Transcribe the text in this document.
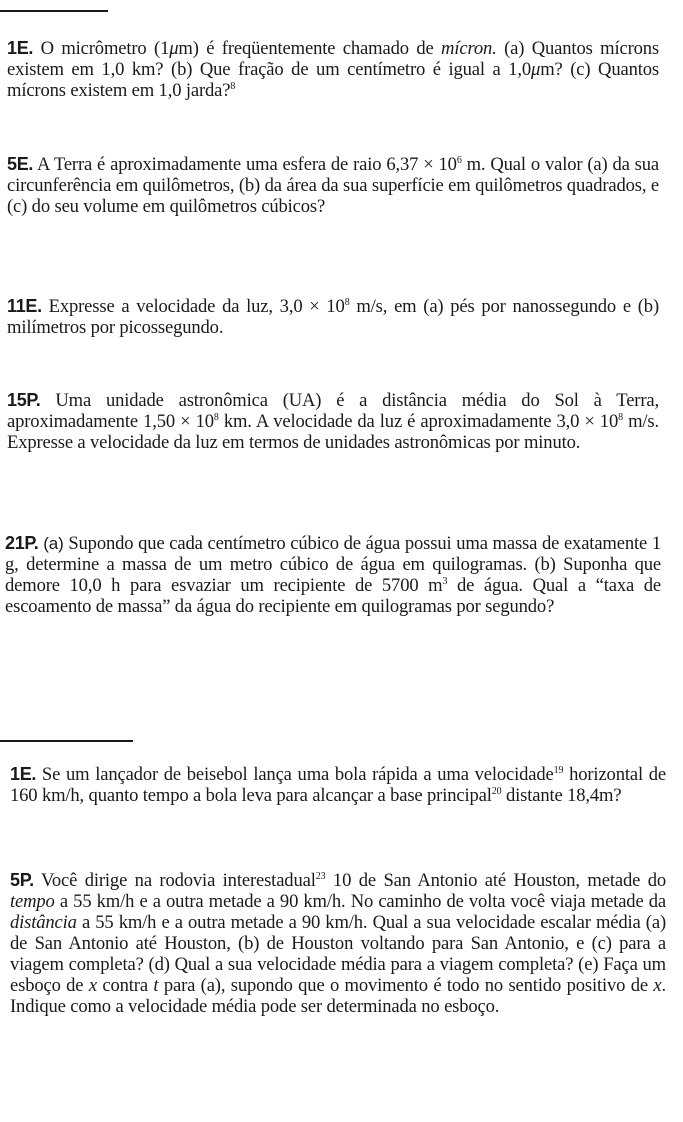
1E. O micrômetro (1μm) é freqüentemente chamado de mícron. (a) Quantos mícrons existem em 1,0 km? (b) Que fração de um centímetro é igual a 1,0μm? (c) Quantos mícrons existem em 1,0 jarda?$^8$

5E. A Terra é aproximadamente uma esfera de raio $6,37 \times 10^6$ m. Qual o valor (a) da sua circunferência em quilômetros, (b) da área da sua superfície em quilômetros quadrados, e (c) do seu volume em quilômetros cúbicos?

11E. Expresse a velocidade da luz, $3,0 \times 10^8$ m/s, em (a) pés por nanossegundo e (b) milímetros por picossegundo.

15P. Uma unidade astronômica (UA) é a distância média do Sol à Terra, aproximadamente $1,50 \times 10^8$ km. A velocidade da luz é aproximadamente $3,0 \times 10^8$ m/s. Expresse a velocidade da luz em termos de unidades astronômicas por minuto.

21P. (a) Supondo que cada centímetro cúbico de água possui uma massa de exatamente 1 g, determine a massa de um metro cúbico de água em quilogramas. (b) Suponha que demore 10,0 h para esvaziar um recipiente de 5700 $m^3$ de água. Qual a “taxa de escoamento de massa” da água do recipiente em quilogramas por segundo?

1E. Se um lançador de beisebol lança uma bola rápida a uma velocidade$^{19}$ horizontal de 160 km/h, quanto tempo a bola leva para alcançar a base principal$^{20}$ distante 18,4m?

5P. Você dirige na rodovia interestadual$^{23}$ 10 de San Antonio até Houston, metade do tempo a 55 km/h e a outra metade a 90 km/h. No caminho de volta você viaja metade da distância a 55 km/h e a outra metade a 90 km/h. Qual a sua velocidade escalar média (a) de San Antonio até Houston, (b) de Houston voltando para San Antonio, e (c) para a viagem completa? (d) Qual a sua velocidade média para a viagem completa? (e) Faça um esboço de x contra t para (a), supondo que o movimento é todo no sentido positivo de x. Indique como a velocidade média pode ser determinada no esboço.
